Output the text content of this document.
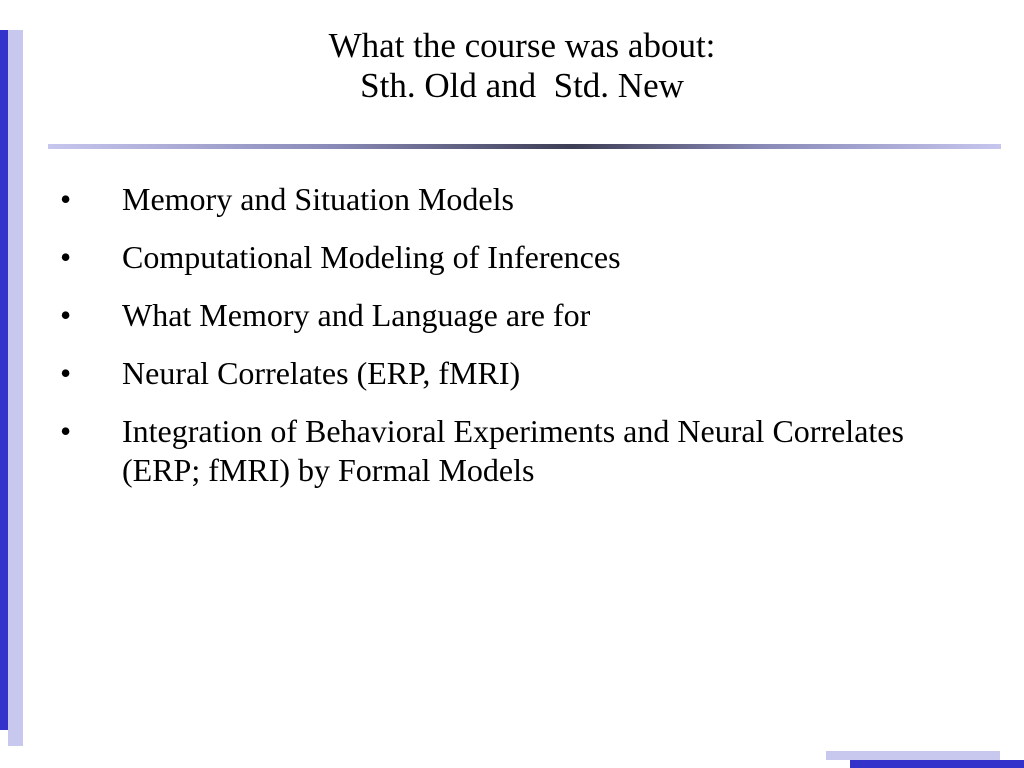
What the course was about:
Sth. Old and  Std. New
• Memory and Situation Models
• Computational Modeling of Inferences
• What Memory and Language are for
• Neural Correlates (ERP, fMRI)
• Integration of Behavioral Experiments and Neural Correlates (ERP; fMRI) by Formal Models
